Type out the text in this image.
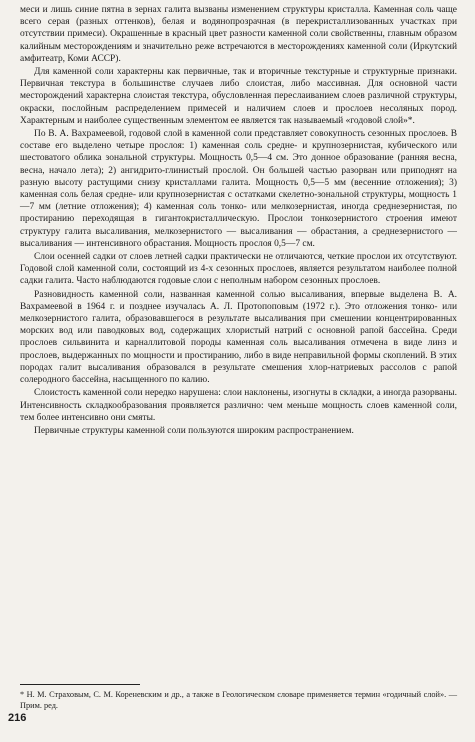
меси и лишь синие пятна в зернах галита вызваны изменением структуры кристалла. Каменная соль чаще всего серая (разных оттенков), белая и водянопрозрачная (в перекристаллизованных участках при отсутствии примеси). Окрашенные в красный цвет разности каменной соли свойственны, главным образом калийным месторождениям и значительно реже встречаются в месторождениях каменной соли (Иркутский амфитеатр, Коми АССР).

Для каменной соли характерны как первичные, так и вторичные текстурные и структурные признаки. Первичная текстура в большинстве случаев либо слоистая, либо массивная. Для основной части месторождений характерна слоистая текстура, обусловленная переслаиванием слоев различной структуры, окраски, послойным распределением примесей и наличием слоев и прослоев несоляных пород. Характерным и наиболее существенным элементом ее является так называемый «годовой слой»*.

По В. А. Вахрамеевой, годовой слой в каменной соли представляет совокупность сезонных прослоев. В составе его выделено четыре прослоя: 1) каменная соль средне- и крупнозернистая, кубического или шестоватого облика зональной структуры. Мощность 0,5—4 см. Это донное образование (ранняя весна, весна, начало лета); 2) ангидрито-глинистый прослой. Он большей частью разорван или приподнят на разную высоту растущими снизу кристаллами галита. Мощность 0,5—5 мм (весенние отложения); 3) каменная соль белая средне- или крупнозернистая с остатками скелетно-зональной структуры, мощность 1—7 мм (летние отложения); 4) каменная соль тонко- или мелкозернистая, иногда среднезернистая, по простиранию переходящая в гигантокристаллическую. Прослои тонкозернистого строения имеют структуру галита высаливания, мелкозернистого — высаливания — обрастания, а среднезернистого — высаливания — интенсивного обрастания. Мощность прослоя 0,5—7 см.

Слои осенней садки от слоев летней садки практически не отличаются, четкие прослои их отсутствуют. Годовой слой каменной соли, состоящий из 4-х сезонных прослоев, является результатом наиболее полной садки галита. Часто наблюдаются годовые слои с неполным набором сезонных прослоев.

Разновидность каменной соли, названная каменной солью высаливания, впервые выделена В. А. Вахрамеевой в 1964 г. и позднее изучалась А. Л. Протопоповым (1972 г.). Это отложения тонко- или мелкозернистого галита, образовавшегося в результате высаливания при смешении концентрированных морских вод или паводковых вод, содержащих хлористый натрий с основной рапой бассейна. Среди прослоев сильвинита и карналлитовой породы каменная соль высаливания отмечена в виде линз и прослоев, выдержанных по мощности и простиранию, либо в виде неправильной формы скоплений. В этих породах галит высаливания образовался в результате смешения хлор-натриевых рассолов с рапой солеродного бассейна, насыщенного по калию.

Слоистость каменной соли нередко нарушена: слои наклонены, изогнуты в складки, а иногда разорваны. Интенсивность складкообразования проявляется различно: чем меньше мощность слоев каменной соли, тем более интенсивно они смяты.

Первичные структуры каменной соли пользуются широким распространением.

* Н. М. Страховым, С. М. Кореневским и др., а также в Геологическом словаре применяется термин «годичный слой». — Прим. ред.
216
